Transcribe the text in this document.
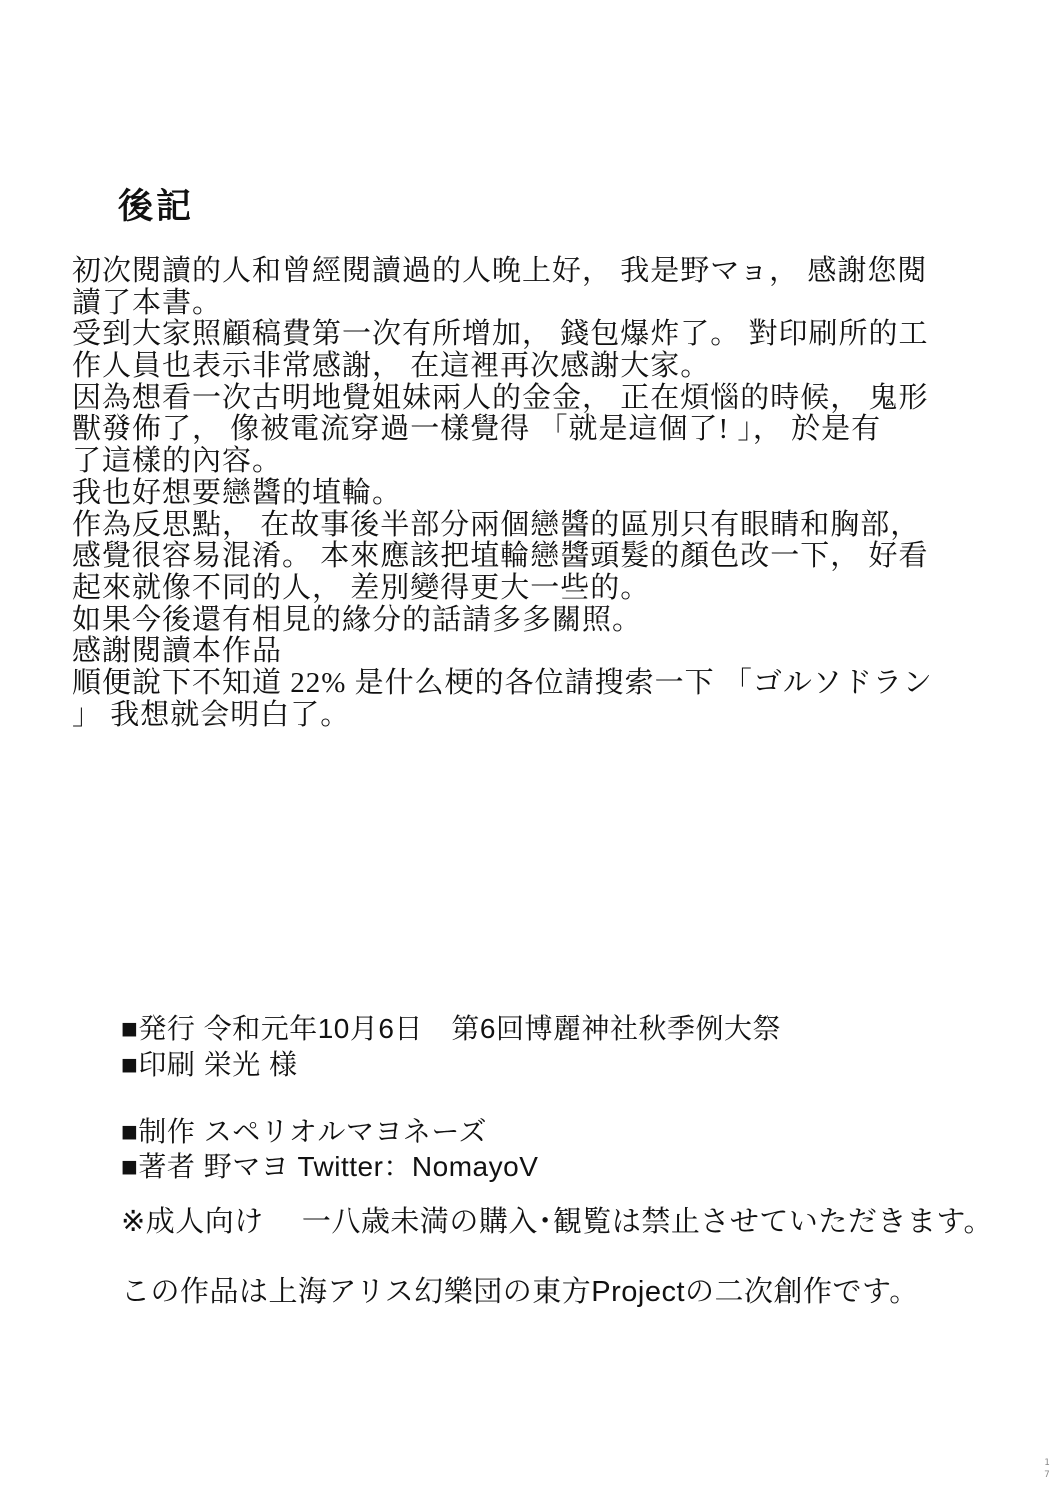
後記
初次閱讀的人和曾經閱讀過的人晚上好， 我是野マョ， 感謝您閱
讀了本書。
受到大家照顧稿費第一次有所增加， 錢包爆炸了。 對印刷所的工
作人員也表示非常感謝， 在這裡再次感謝大家。
因為想看一次古明地覺姐妹兩人的金金， 正在煩惱的時候， 鬼形
獸發佈了， 像被電流穿過一樣覺得 「就是這個了! 」， 於是有
了這樣的內容。
我也好想要戀醬的埴輪。
作為反思點， 在故事後半部分兩個戀醬的區別只有眼睛和胸部，
感覺很容易混淆。 本來應該把埴輪戀醬頭髮的顏色改一下， 好看
起來就像不同的人， 差別變得更大一些的。
如果今後還有相見的緣分的話請多多關照。
感謝閱讀本作品
順便說下不知道 22% 是什么梗的各位請搜索一下 「ゴルソドラン
」 我想就会明白了。
■発行 令和元年10月6日　第6回博麗神社秋季例大祭
■印刷 栄光 様
■制作 スペリオルマヨネーズ
■著者 野マヨ Twitter：NomayoV
※成人向け　 一八歳未満の購入･観覧は禁止させていただきます。
この作品は上海アリス幻樂団の東方Projectの二次創作です。
17
